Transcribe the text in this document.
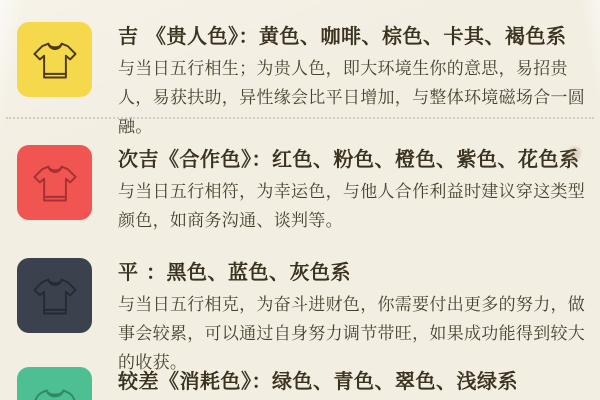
吉 《贵人色》：黄色、咖啡、棕色、卡其、褐色系

与当日五行相生；为贵人色，即大环境生你的意思，易招贵人，易获扶助，异性缘会比平日增加，与整体环境磁场合一圆融。

次吉《合作色》：红色、粉色、橙色、紫色、花色系

与当日五行相符，为幸运色，与他人合作利益时建议穿这类型颜色，如商务沟通、谈判等。

平 ：黑色、蓝色、灰色系

与当日五行相克，为奋斗进财色，你需要付出更多的努力，做事会较累，可以通过自身努力调节带旺，如果成功能得到较大的收获。

较差《消耗色》：绿色、青色、翠色、浅绿系
